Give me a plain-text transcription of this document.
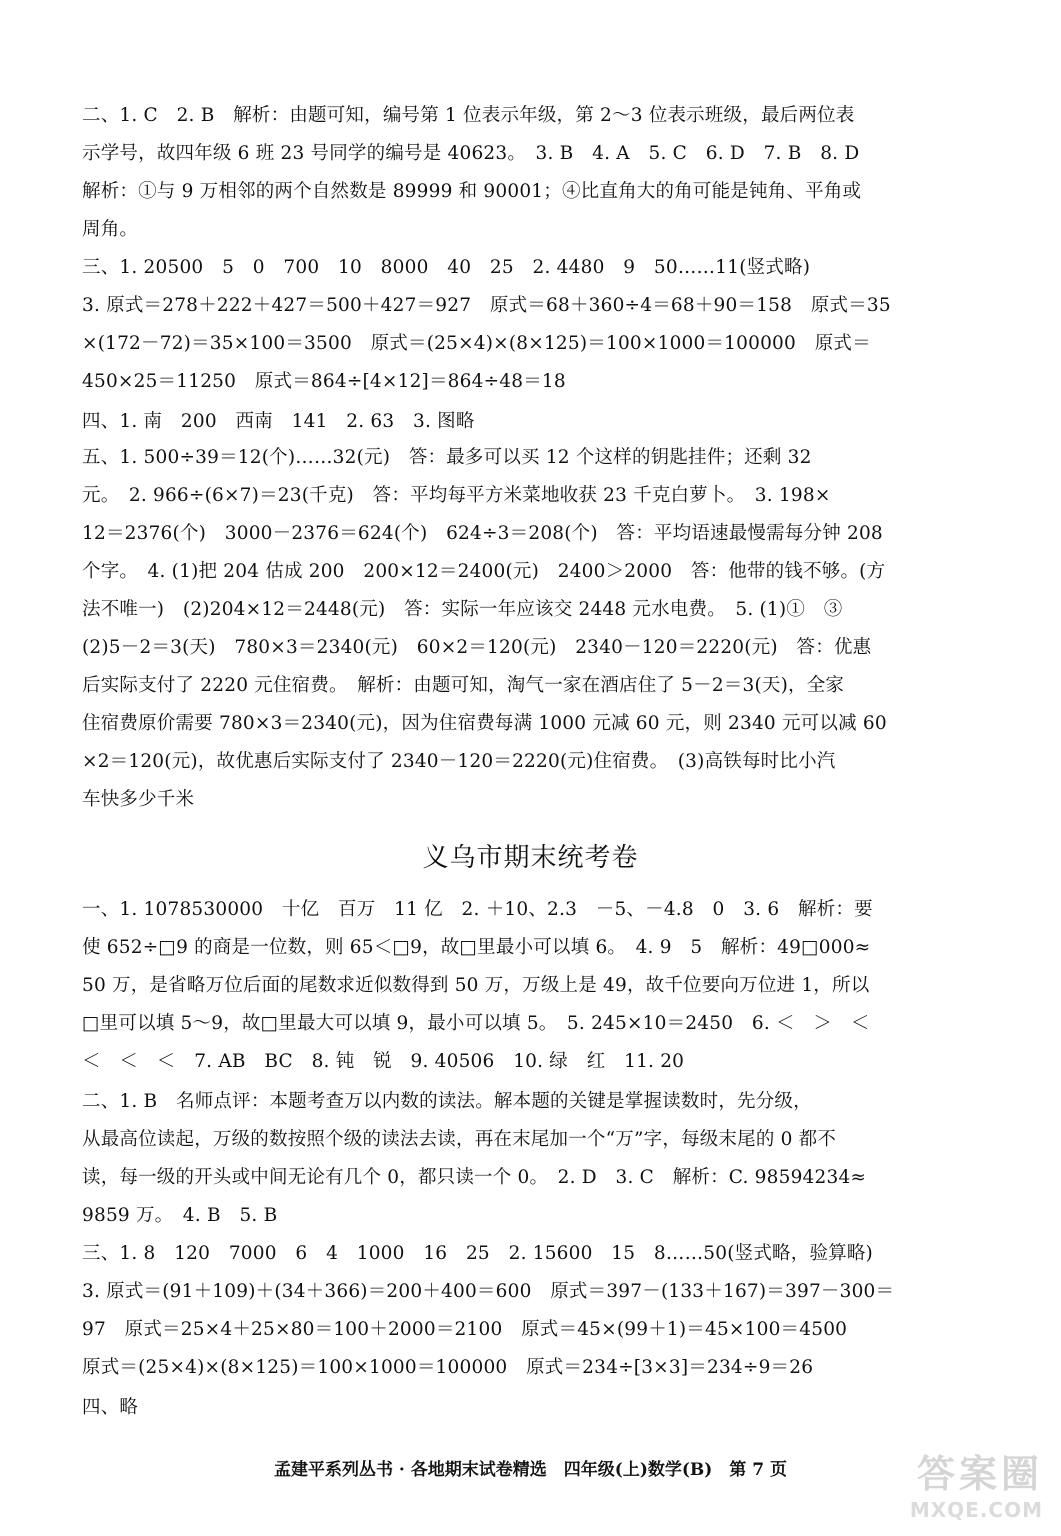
二、1. C　2. B　解析：由题可知，编号第 1 位表示年级，第 2～3 位表示班级，最后两位表
示学号，故四年级 6 班 23 号同学的编号是 40623。　3. B　4. A　5. C　6. D　7. B　8. D
解析：①与 9 万相邻的两个自然数是 89999 和 90001；④比直角大的角可能是钝角、平角或
周角。
三、1. 20500　5　0　700　10　8000　40　25　2. 4480　9　50……11(竖式略)
3. 原式＝278＋222＋427＝500＋427＝927　原式＝68＋360÷4＝68＋90＝158　原式＝35
×(172－72)＝35×100＝3500　原式＝(25×4)×(8×125)＝100×1000＝100000　原式＝
450×25＝11250　原式＝864÷[4×12]＝864÷48＝18
四、1. 南　200　西南　141　2. 63　3. 图略
五、1. 500÷39＝12(个)……32(元)　答：最多可以买 12 个这样的钥匙挂件；还剩 32
元。　2. 966÷(6×7)＝23(千克)　答：平均每平方米菜地收获 23 千克白萝卜。　3. 198×
12＝2376(个)　3000－2376＝624(个)　624÷3＝208(个)　答：平均语速最慢需每分钟 208
个字。　4. (1)把 204 估成 200　200×12＝2400(元)　2400＞2000　答：他带的钱不够。(方
法不唯一)　(2)204×12＝2448(元)　答：实际一年应该交 2448 元水电费。　5. (1)①　③
(2)5－2＝3(天)　780×3＝2340(元)　60×2＝120(元)　2340－120＝2220(元)　答：优惠
后实际支付了 2220 元住宿费。　解析：由题可知，淘气一家在酒店住了 5－2＝3(天)，全家
住宿费原价需要 780×3＝2340(元)，因为住宿费每满 1000 元减 60 元，则 2340 元可以减 60
×2＝120(元)，故优惠后实际支付了 2340－120＝2220(元)住宿费。　(3)高铁每时比小汽
车快多少千米
义乌市期末统考卷
一、1. 1078530000　十亿　百万　11 亿　2. ＋10、2.3　－5、－4.8　0　3. 6　解析：要
使 652÷□9 的商是一位数，则 65＜□9，故□里最小可以填 6。　4. 9　5　解析：49□000≈
50 万，是省略万位后面的尾数求近似数得到 50 万，万级上是 49，故千位要向万位进 1，所以
□里可以填 5～9，故□里最大可以填 9，最小可以填 5。　5. 245×10＝2450　6. ＜　＞　＜
＜　＜　＜　7. AB　BC　8. 钝　锐　9. 40506　10. 绿　红　11. 20
二、1. B　名师点评：本题考查万以内数的读法。解本题的关键是掌握读数时，先分级，
从最高位读起，万级的数按照个级的读法去读，再在末尾加一个“万”字，每级末尾的 0 都不
读，每一级的开头或中间无论有几个 0，都只读一个 0。　2. D　3. C　解析：C. 98594234≈
9859 万。　4. B　5. B
三、1. 8　120　7000　6　4　1000　16　25　2. 15600　15　8……50(竖式略，验算略)
3. 原式＝(91＋109)＋(34＋366)＝200＋400＝600　原式＝397－(133＋167)＝397－300＝
97　原式＝25×4＋25×80＝100＋2000＝2100　原式＝45×(99＋1)＝45×100＝4500
原式＝(25×4)×(8×125)＝100×1000＝100000　原式＝234÷[3×3]＝234÷9＝26
四、略
孟建平系列丛书 · 各地期末试卷精选　四年级(上)数学(B)　第 7 页	答案圈
MXQE.COM
